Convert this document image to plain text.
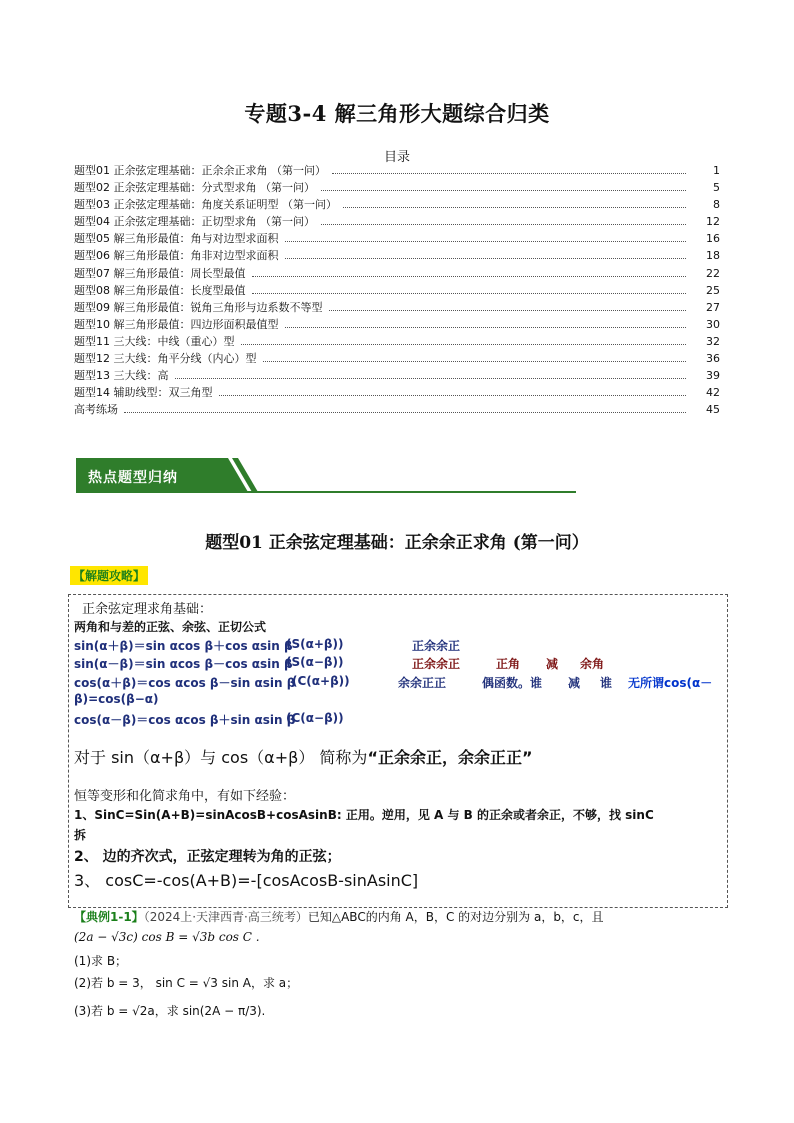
专题3-4 解三角形大题综合归类
目录
题型01 正余弦定理基础：正余余正求角 （第一问）	1
题型02 正余弦定理基础：分式型求角 （第一问）	5
题型03 正余弦定理基础：角度关系证明型 （第一问）	8
题型04 正余弦定理基础：正切型求角 （第一问）	12
题型05 解三角形最值：角与对边型求面积	16
题型06 解三角形最值：角非对边型求面积	18
题型07 解三角形最值：周长型最值	22
题型08 解三角形最值：长度型最值	25
题型09 解三角形最值：锐角三角形与边系数不等型	27
题型10 解三角形最值：四边形面积最值型	30
题型11 三大线：中线（重心）型	32
题型12 三大线：角平分线（内心）型	36
题型13 三大线：高	39
题型14 辅助线型：双三角型	42
高考练场	45
热点题型归纳
题型01 正余弦定理基础：正余余正求角 (第一问）
【解题攻略】
正余弦定理求角基础：
两角和与差的正弦、余弦、正切公式
sin(α＋β)＝sin αcos β＋cos αsin β
(S(α+β))	正余余正
sin(α－β)＝sin αcos β－cos αsin β
(S(α−β))	正余余正	正角 减 余角
cos(α＋β)＝cos αcos β－sin αsin β
(C(α+β))	余余正正	偶函数。谁 减 谁 无所谓cos(α－
β)=cos(β−α)
cos(α－β)＝cos αcos β＋sin αsin β
(C(α−β))
对于 sin（α+β）与 cos（α+β） 简称为“正余余正，余余正正”
恒等变形和化简求角中，有如下经验：
1、SinC=Sin(A+B)=sinAcosB+cosAsinB: 正用。逆用，见 A 与 B 的正余或者余正，不够，找 sinC
拆
2、 边的齐次式，正弦定理转为角的正弦；
3、 cosC=-cos(A+B)=-[cosAcosB-sinAsinC]
【典例1-1】（2024上·天津西青·高三统考）已知△ABC的内角 A，B，C 的对边分别为 a，b，c，且
(2a − √3c) cos B = √3b cos C .
(1)求 B；
(2)若 b = 3， sin C = √3 sin A，求 a；
(3)若 b = √2a，求 sin(2A − π/3).
